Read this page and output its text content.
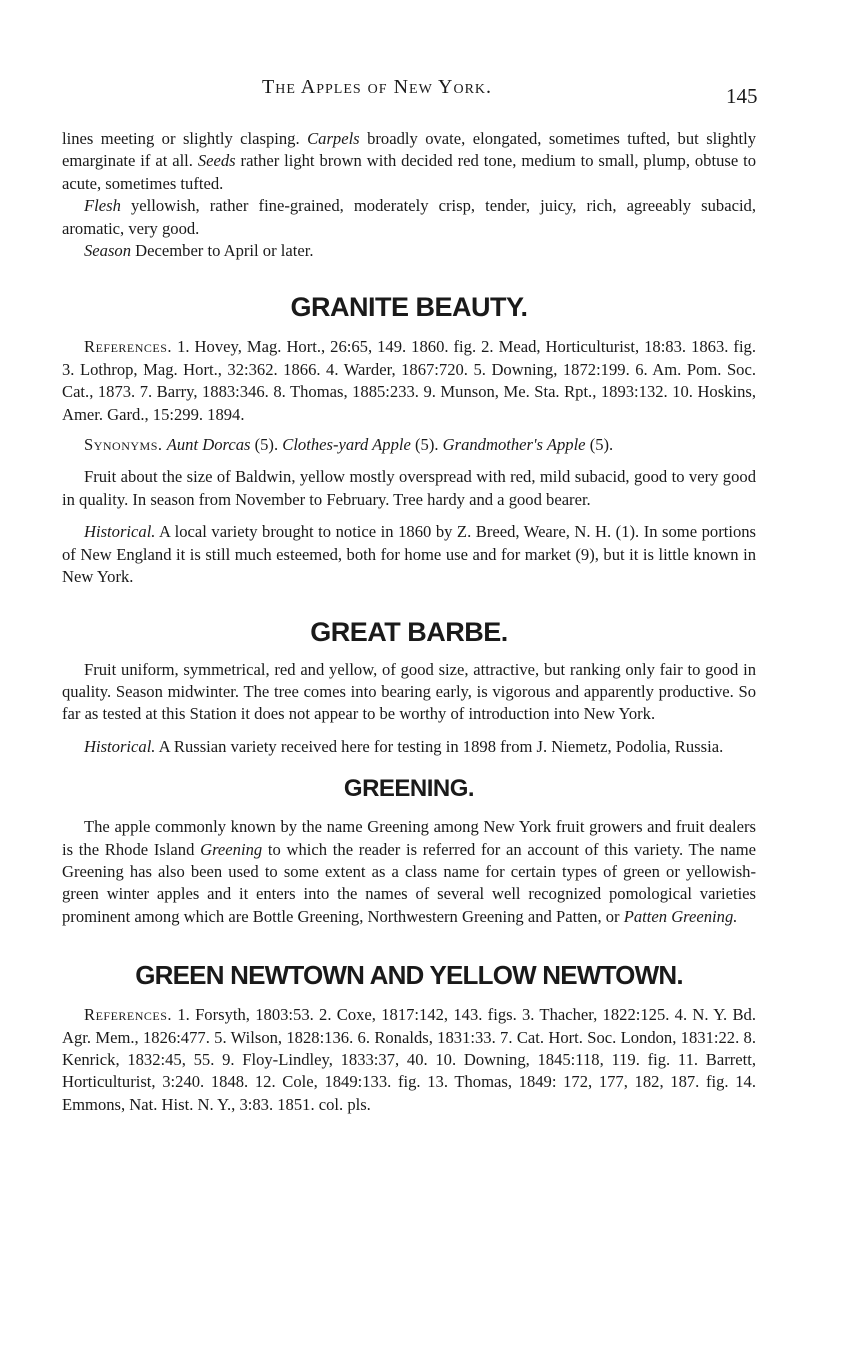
The Apples of New York.	145

lines meeting or slightly clasping. Carpels broadly ovate, elongated, sometimes tufted, but slightly emarginate if at all. Seeds rather light brown with decided red tone, medium to small, plump, obtuse to acute, sometimes tufted.

Flesh yellowish, rather fine-grained, moderately crisp, tender, juicy, rich, agreeably subacid, aromatic, very good.

Season December to April or later.

GRANITE BEAUTY.

References. 1. Hovey, Mag. Hort., 26:65, 149. 1860. fig. 2. Mead, Horticulturist, 18:83. 1863. fig. 3. Lothrop, Mag. Hort., 32:362. 1866. 4. Warder, 1867:720. 5. Downing, 1872:199. 6. Am. Pom. Soc. Cat., 1873. 7. Barry, 1883:346. 8. Thomas, 1885:233. 9. Munson, Me. Sta. Rpt., 1893:132. 10. Hoskins, Amer. Gard., 15:299. 1894.

Synonyms. Aunt Dorcas (5). Clothes-yard Apple (5). Grandmother's Apple (5).

Fruit about the size of Baldwin, yellow mostly overspread with red, mild subacid, good to very good in quality. In season from November to February. Tree hardy and a good bearer.

Historical. A local variety brought to notice in 1860 by Z. Breed, Weare, N. H. (1). In some portions of New England it is still much esteemed, both for home use and for market (9), but it is little known in New York.

GREAT BARBE.

Fruit uniform, symmetrical, red and yellow, of good size, attractive, but ranking only fair to good in quality. Season midwinter. The tree comes into bearing early, is vigorous and apparently productive. So far as tested at this Station it does not appear to be worthy of introduction into New York.

Historical. A Russian variety received here for testing in 1898 from J. Niemetz, Podolia, Russia.

GREENING.

The apple commonly known by the name Greening among New York fruit growers and fruit dealers is the Rhode Island Greening to which the reader is referred for an account of this variety. The name Greening has also been used to some extent as a class name for certain types of green or yellowish-green winter apples and it enters into the names of several well recognized pomological varieties prominent among which are Bottle Greening, Northwestern Greening and Patten, or Patten Greening.

GREEN NEWTOWN AND YELLOW NEWTOWN.

References. 1. Forsyth, 1803:53. 2. Coxe, 1817:142, 143. figs. 3. Thacher, 1822:125. 4. N. Y. Bd. Agr. Mem., 1826:477. 5. Wilson, 1828:136. 6. Ronalds, 1831:33. 7. Cat. Hort. Soc. London, 1831:22. 8. Kenrick, 1832:45, 55. 9. Floy-Lindley, 1833:37, 40. 10. Downing, 1845:118, 119. fig. 11. Barrett, Horticulturist, 3:240. 1848. 12. Cole, 1849:133. fig. 13. Thomas, 1849: 172, 177, 182, 187. fig. 14. Emmons, Nat. Hist. N. Y., 3:83. 1851. col. pls.
